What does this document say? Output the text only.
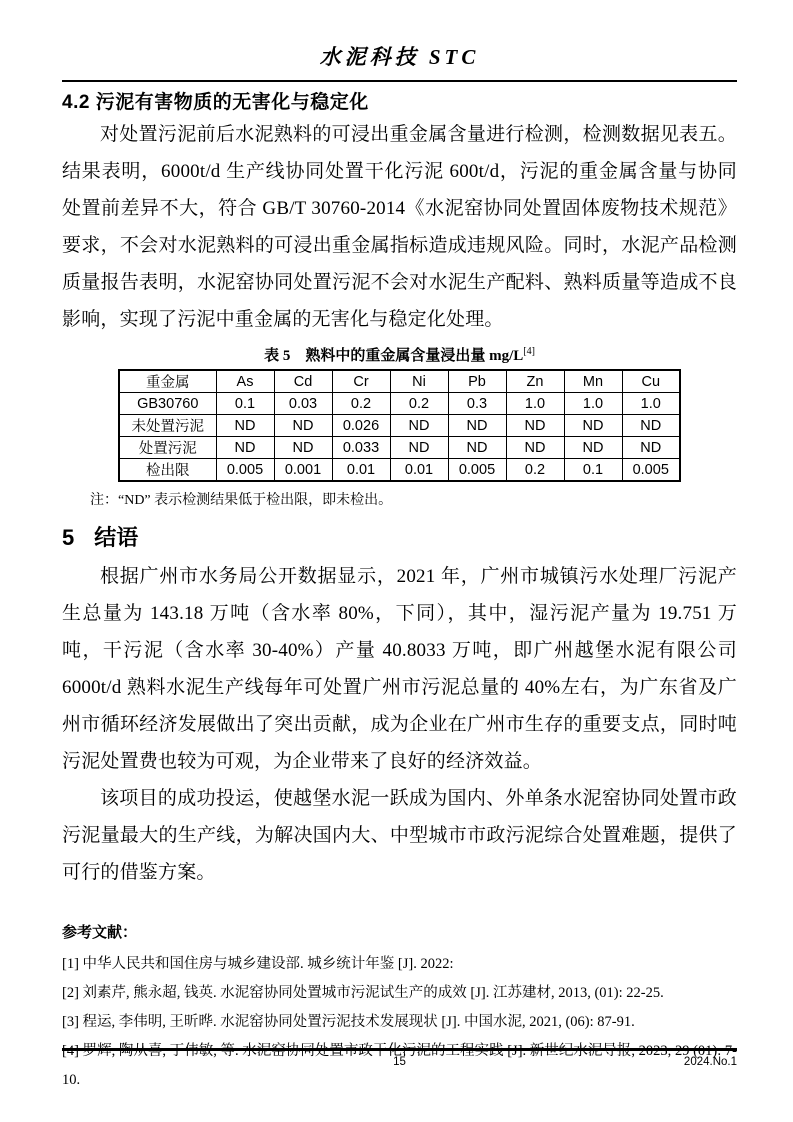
水泥科技 STC
4.2 污泥有害物质的无害化与稳定化

对处置污泥前后水泥熟料的可浸出重金属含量进行检测，检测数据见表五。结果表明，6000t/d 生产线协同处置干化污泥 600t/d，污泥的重金属含量与协同处置前差异不大，符合 GB/T 30760-2014《水泥窑协同处置固体废物技术规范》要求，不会对水泥熟料的可浸出重金属指标造成违规风险。同时，水泥产品检测质量报告表明，水泥窑协同处置污泥不会对水泥生产配料、熟料质量等造成不良影响，实现了污泥中重金属的无害化与稳定化处理。

表 5　熟料中的重金属含量浸出量 mg/L[4]
重金属	As	Cd	Cr	Ni	Pb	Zn	Mn	Cu
GB30760	0.1	0.03	0.2	0.2	0.3	1.0	1.0	1.0
未处置污泥	ND	ND	0.026	ND	ND	ND	ND	ND
处置污泥	ND	ND	0.033	ND	ND	ND	ND	ND
检出限	0.005	0.001	0.01	0.01	0.005	0.2	0.1	0.005
注：“ND” 表示检测结果低于检出限，即未检出。
5 结语

根据广州市水务局公开数据显示，2021 年，广州市城镇污水处理厂污泥产生总量为 143.18 万吨（含水率 80%，下同），其中，湿污泥产量为 19.751 万吨，干污泥（含水率 30-40%）产量 40.8033 万吨，即广州越堡水泥有限公司 6000t/d 熟料水泥生产线每年可处置广州市污泥总量的 40%左右，为广东省及广州市循环经济发展做出了突出贡献，成为企业在广州市生存的重要支点，同时吨污泥处置费也较为可观，为企业带来了良好的经济效益。

该项目的成功投运，使越堡水泥一跃成为国内、外单条水泥窑协同处置市政污泥量最大的生产线，为解决国内大、中型城市市政污泥综合处置难题，提供了可行的借鉴方案。

参考文献：
[1] 中华人民共和国住房与城乡建设部. 城乡统计年鉴 [J]. 2022:
[2] 刘素芹, 熊永超, 钱英. 水泥窑协同处置城市污泥试生产的成效 [J]. 江苏建材, 2013, (01): 22-25.
[3] 程运, 李伟明, 王昕晔. 水泥窑协同处置污泥技术发展现状 [J]. 中国水泥, 2021, (06): 87-91.
[4] 罗辉, 陶从喜, 丁伟敏, 等. 水泥窑协同处置市政干化污泥的工程实践 [J]. 新世纪水泥导报, 2023, 29 (01): 7-10.
15	2024.No.1
